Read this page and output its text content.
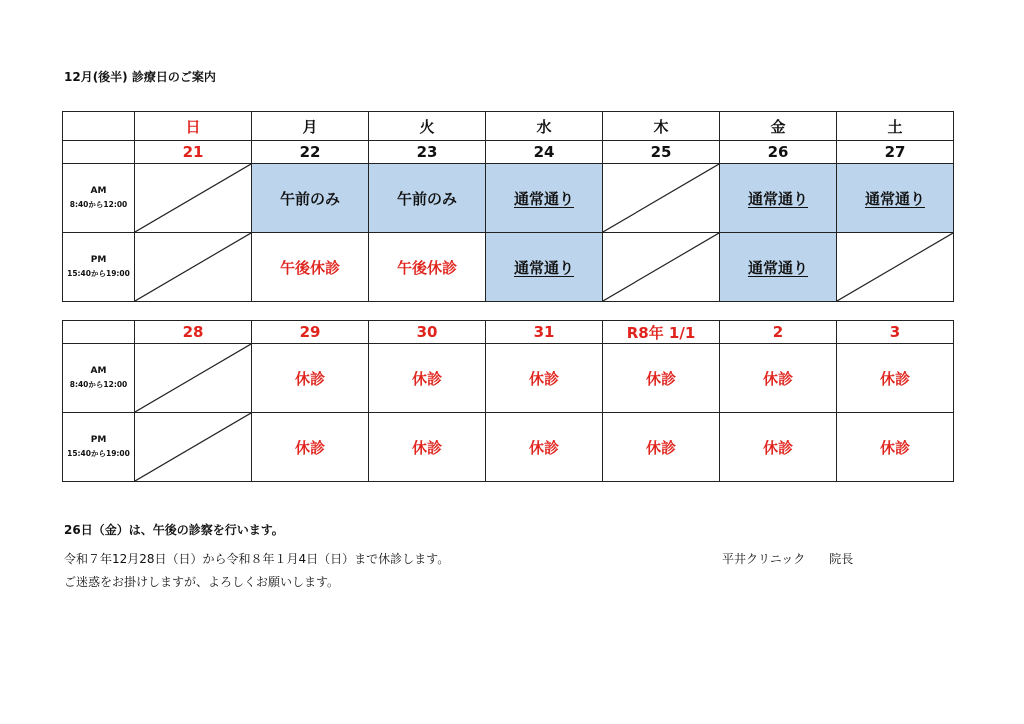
12月(後半) 診療日のご案内
	日	月	火	水	木	金	土
	21	22	23	24	25	26	27

AM
8:40から12:00		午前のみ	午前のみ	通常通り		通常通り	通常通り

PM
15:40から19:00		午後休診	午後休診	通常通り		通常通り	
	28	29	30	31	R8年 1/1	2	3

AM
8:40から12:00		休診	休診	休診	休診	休診	休診

PM
15:40から19:00		休診	休診	休診	休診	休診	休診
26日（金）は、午後の診察を行います。
令和７年12月28日（日）から令和８年１月4日（日）まで休診します。
ご迷惑をお掛けしますが、よろしくお願いします。
平井クリニック　　院長
